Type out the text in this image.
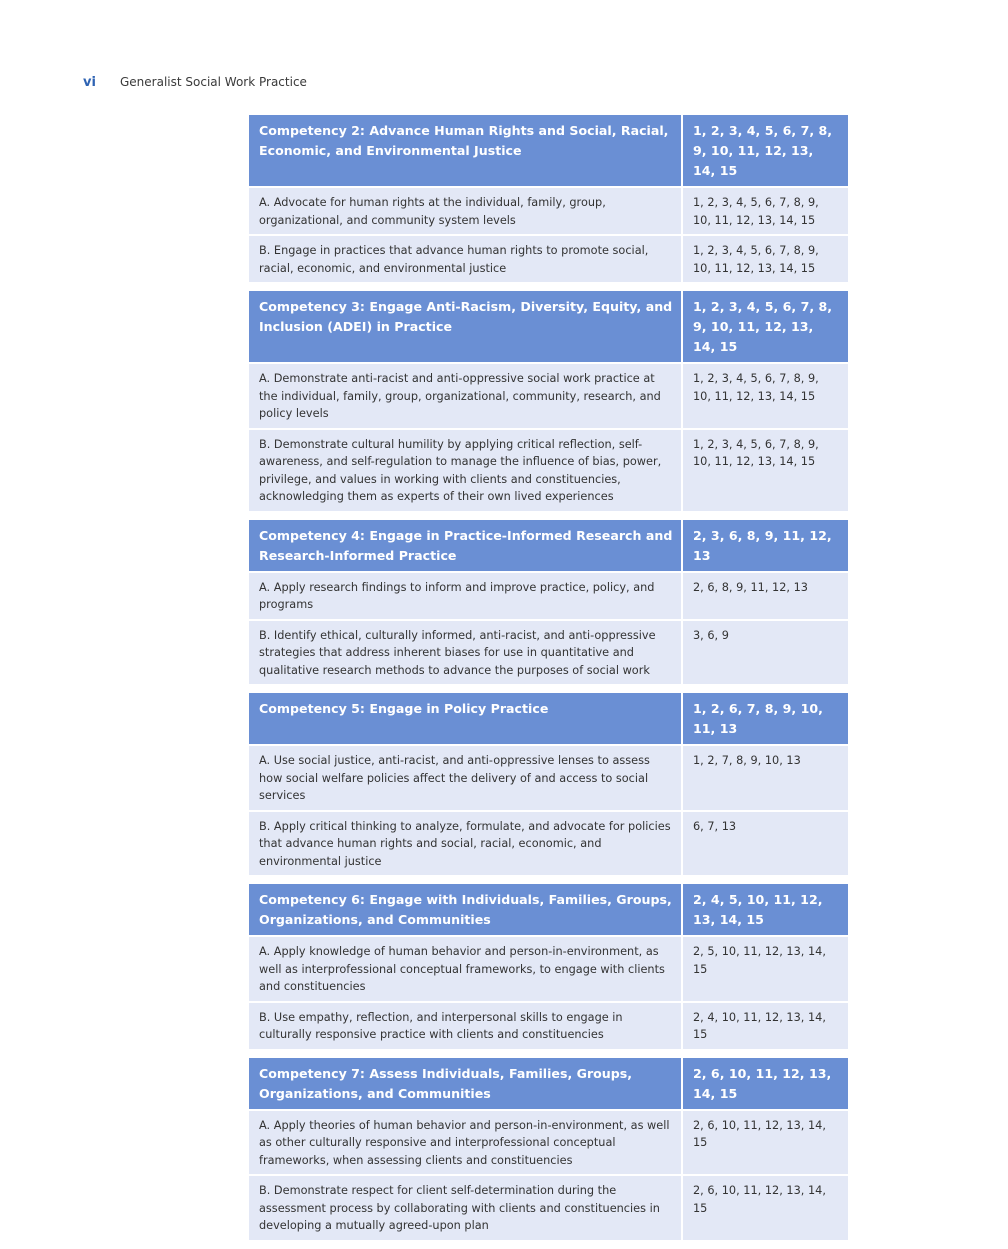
vi	Generalist Social Work Practice
Competency 2: Advance Human Rights and Social, Racial, Economic, and Environmental Justice
1, 2, 3, 4, 5, 6, 7, 8, 9, 10, 11, 12, 13, 14, 15
A. Advocate for human rights at the individual, family, group, organizational, and community system levels
1, 2, 3, 4, 5, 6, 7, 8, 9, 10, 11, 12, 13, 14, 15
B. Engage in practices that advance human rights to promote social, racial, economic, and environmental justice
1, 2, 3, 4, 5, 6, 7, 8, 9, 10, 11, 12, 13, 14, 15
Competency 3: Engage Anti-Racism, Diversity, Equity, and Inclusion (ADEI) in Practice
1, 2, 3, 4, 5, 6, 7, 8, 9, 10, 11, 12, 13, 14, 15
A. Demonstrate anti-racist and anti-oppressive social work practice at the individual, family, group, organizational, community, research, and policy levels
1, 2, 3, 4, 5, 6, 7, 8, 9, 10, 11, 12, 13, 14, 15
B. Demonstrate cultural humility by applying critical reflection, self-awareness, and self-regulation to manage the influence of bias, power, privilege, and values in working with clients and constituencies, acknowledging them as experts of their own lived experiences
1, 2, 3, 4, 5, 6, 7, 8, 9, 10, 11, 12, 13, 14, 15
Competency 4: Engage in Practice-Informed Research and Research-Informed Practice
2, 3, 6, 8, 9, 11, 12, 13
A. Apply research findings to inform and improve practice, policy, and programs
2, 6, 8, 9, 11, 12, 13
B. Identify ethical, culturally informed, anti-racist, and anti-oppressive strategies that address inherent biases for use in quantitative and qualitative research methods to advance the purposes of social work
3, 6, 9
Competency 5: Engage in Policy Practice	1, 2, 6, 7, 8, 9, 10, 11, 13
A. Use social justice, anti-racist, and anti-oppressive lenses to assess how social welfare policies affect the delivery of and access to social services
1, 2, 7, 8, 9, 10, 13
B. Apply critical thinking to analyze, formulate, and advocate for policies that advance human rights and social, racial, economic, and environmental justice
6, 7, 13
Competency 6: Engage with Individuals, Families, Groups, Organizations, and Communities
2, 4, 5, 10, 11, 12, 13, 14, 15
A. Apply knowledge of human behavior and person-in-environment, as well as interprofessional conceptual frameworks, to engage with clients and constituencies
2, 5, 10, 11, 12, 13, 14, 15
B. Use empathy, reflection, and interpersonal skills to engage in culturally responsive practice with clients and constituencies
2, 4, 10, 11, 12, 13, 14, 15
Competency 7: Assess Individuals, Families, Groups, Organizations, and Communities
2, 6, 10, 11, 12, 13, 14, 15
A. Apply theories of human behavior and person-in-environment, as well as other culturally responsive and interprofessional conceptual frameworks, when assessing clients and constituencies
2, 6, 10, 11, 12, 13, 14, 15
B. Demonstrate respect for client self-determination during the assessment process by collaborating with clients and constituencies in developing a mutually agreed-upon plan
2, 6, 10, 11, 12, 13, 14, 15
